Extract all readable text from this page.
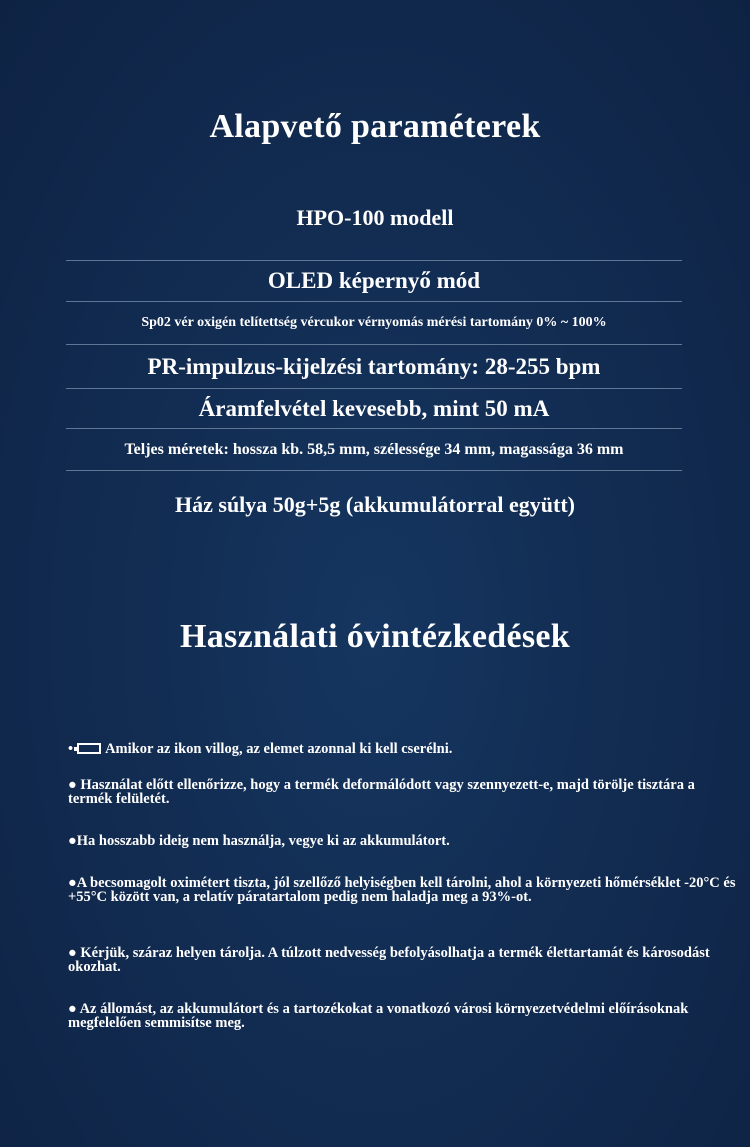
Alapvető paraméterek
HPO-100 modell
OLED képernyő mód
Sp02 vér oxigén telítettség vércukor vérnyomás mérési tartomány 0% ~ 100%
PR-impulzus-kijelzési tartomány: 28-255 bpm
Áramfelvétel kevesebb, mint 50 mA
Teljes méretek: hossza kb. 58,5 mm, szélessége 34 mm, magassága 36 mm
Ház súlya 50g+5g (akkumulátorral együtt)
Használati óvintézkedések
• Amikor az ikon villog, az elemet azonnal ki kell cserélni.
● Használat előtt ellenőrizze, hogy a termék deformálódott vagy szennyezett-e, majd törölje tisztára a termék felületét.
●Ha hosszabb ideig nem használja, vegye ki az akkumulátort.
●A becsomagolt oximétert tiszta, jól szellőző helyiségben kell tárolni, ahol a környezeti hőmérséklet -20°C és +55°C között van, a relatív páratartalom pedig nem haladja meg a 93%-ot.
● Kérjük, száraz helyen tárolja. A túlzott nedvesség befolyásolhatja a termék élettartamát és károsodást okozhat.
● Az állomást, az akkumulátort és a tartozékokat a vonatkozó városi környezetvédelmi előírásoknak megfelelően semmisítse meg.
